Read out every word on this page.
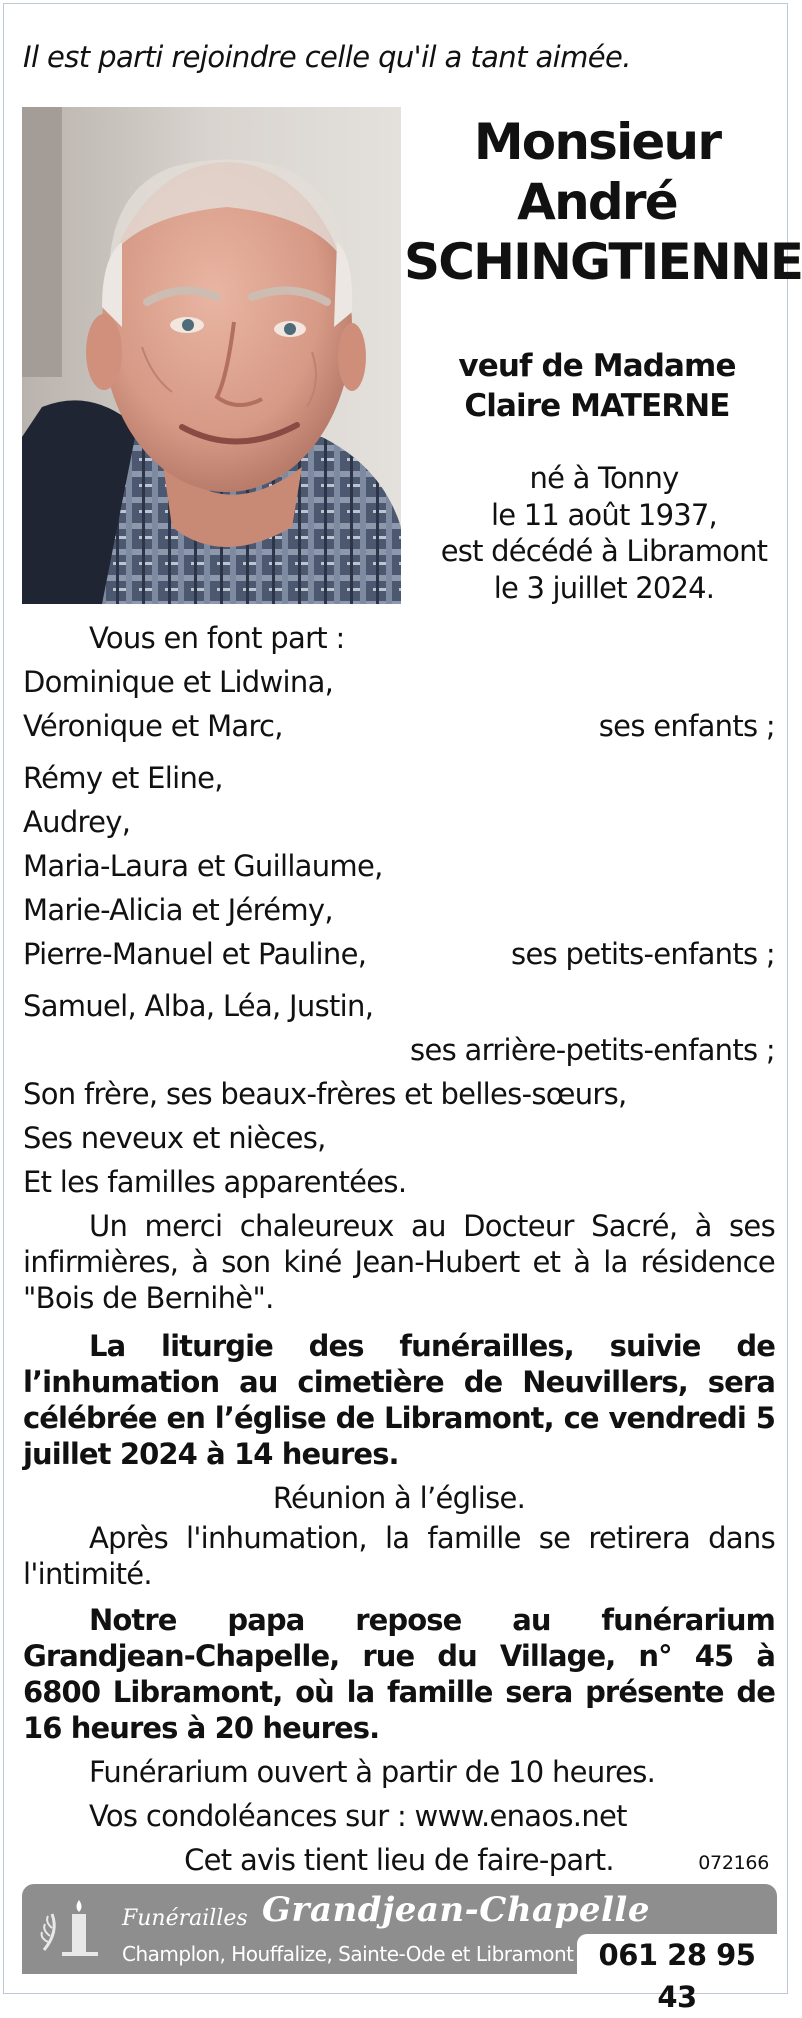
Il est parti rejoindre celle qu'il a tant aimée.
Monsieur
André
SCHINGTIENNE
veuf de Madame
Claire MATERNE
né à Tonny
le 11 août 1937,
est décédé à Libramont
le 3 juillet 2024.
Vous en font part :
Dominique et Lidwina,
Véronique et Marc,	ses enfants ;
Rémy et Eline,
Audrey,
Maria-Laura et Guillaume,
Marie-Alicia et Jérémy,
Pierre-Manuel et Pauline,	ses petits-enfants ;
Samuel, Alba, Léa, Justin,
ses arrière-petits-enfants ;
Son frère, ses beaux-frères et belles-sœurs,
Ses neveux et nièces,
Et les familles apparentées.
Un merci chaleureux au Docteur Sacré, à ses infirmières, à son kiné Jean-Hubert et à la résidence "Bois de Bernihè".
La liturgie des funérailles, suivie de l’inhumation au cimetière de Neuvillers, sera célébrée en l’église de Libramont, ce vendredi 5 juillet 2024 à 14 heures.
Réunion à l’église.
Après l'inhumation, la famille se retirera dans l'intimité.
Notre papa repose au funérarium Grandjean-Chapelle, rue du Village, n° 45 à 6800 Libramont, où la famille sera présente de 16 heures à 20 heures.
Funérarium ouvert à partir de 10 heures.
Vos condoléances sur : www.enaos.net
Cet avis tient lieu de faire-part.	072166
Funérailles Grandjean-Chapelle
Champlon, Houffalize, Sainte-Ode et Libramont 061 28 95 43
